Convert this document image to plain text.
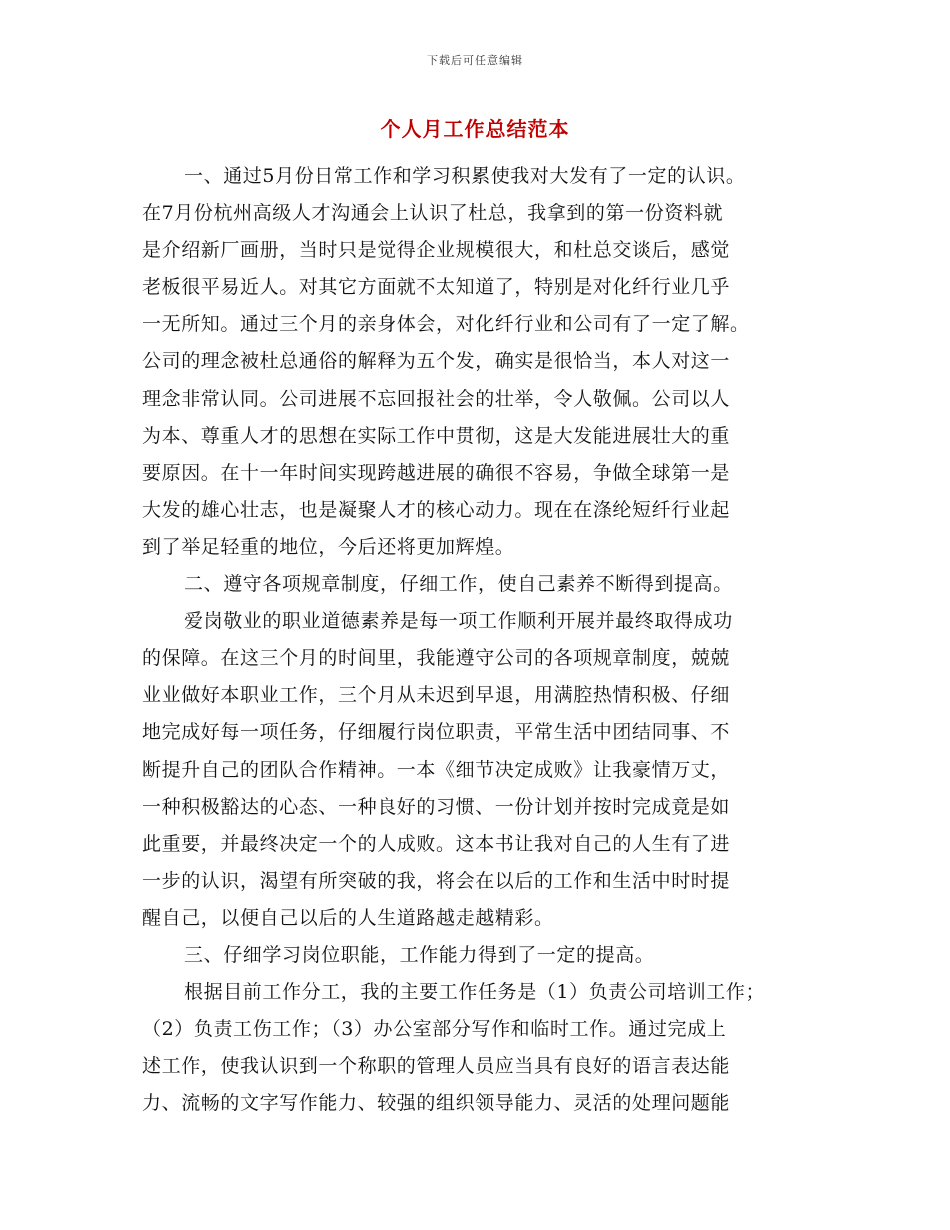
下载后可任意编辑
个人月工作总结范本
一、通过5月份日常工作和学习积累使我对大发有了一定的认识。
在7月份杭州高级人才沟通会上认识了杜总，我拿到的第一份资料就
是介绍新厂画册，当时只是觉得企业规模很大，和杜总交谈后，感觉
老板很平易近人。对其它方面就不太知道了，特别是对化纤行业几乎
一无所知。通过三个月的亲身体会，对化纤行业和公司有了一定了解。
公司的理念被杜总通俗的解释为五个发，确实是很恰当，本人对这一
理念非常认同。公司进展不忘回报社会的壮举，令人敬佩。公司以人
为本、尊重人才的思想在实际工作中贯彻，这是大发能进展壮大的重
要原因。在十一年时间实现跨越进展的确很不容易，争做全球第一是
大发的雄心壮志，也是凝聚人才的核心动力。现在在涤纶短纤行业起
到了举足轻重的地位，今后还将更加辉煌。
二、遵守各项规章制度，仔细工作，使自己素养不断得到提高。
爱岗敬业的职业道德素养是每一项工作顺利开展并最终取得成功
的保障。在这三个月的时间里，我能遵守公司的各项规章制度，兢兢
业业做好本职业工作，三个月从未迟到早退，用满腔热情积极、仔细
地完成好每一项任务，仔细履行岗位职责，平常生活中团结同事、不
断提升自己的团队合作精神。一本《细节决定成败》让我豪情万丈，
一种积极豁达的心态、一种良好的习惯、一份计划并按时完成竟是如
此重要，并最终决定一个的人成败。这本书让我对自己的人生有了进
一步的认识，渴望有所突破的我，将会在以后的工作和生活中时时提
醒自己，以便自己以后的人生道路越走越精彩。
三、仔细学习岗位职能，工作能力得到了一定的提高。
根据目前工作分工，我的主要工作任务是（1）负责公司培训工作；
（2）负责工伤工作；（3）办公室部分写作和临时工作。通过完成上
述工作，使我认识到一个称职的管理人员应当具有良好的语言表达能
力、流畅的文字写作能力、较强的组织领导能力、灵活的处理问题能
